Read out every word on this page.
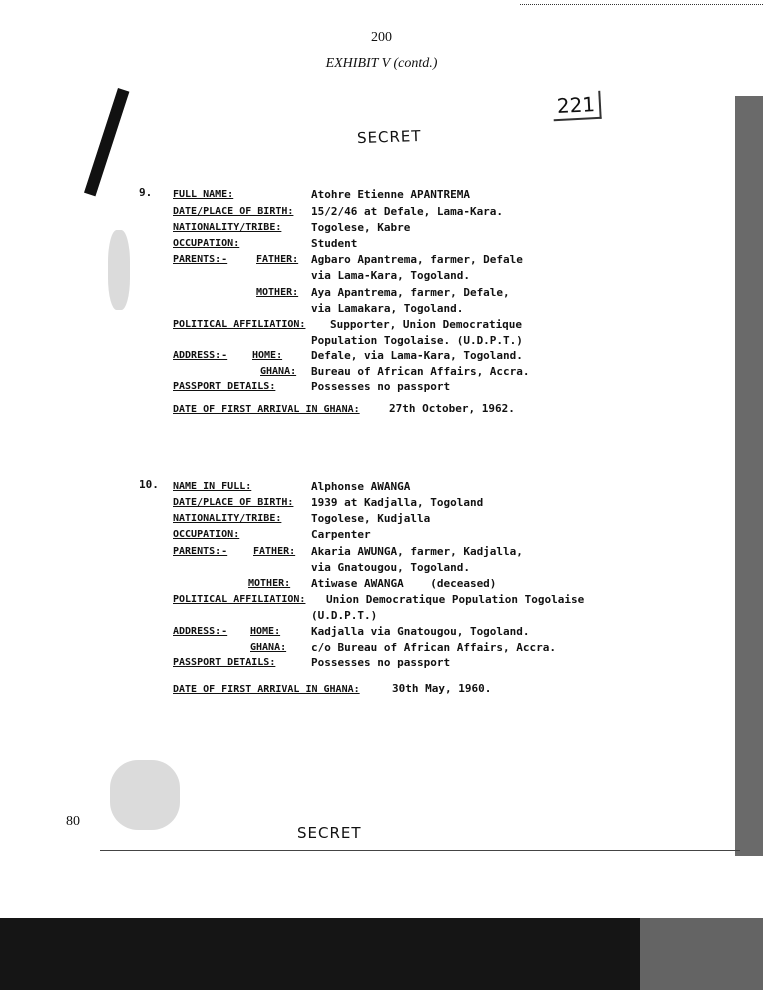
200
EXHIBIT V (contd.)
221
SECRET
9. FULL NAME:	Atohre Etienne APANTREMA
DATE/PLACE OF BIRTH: 15/2/46 at Defale, Lama-Kara.
NATIONALITY/TRIBE:	Togolese, Kabre
OCCUPATION:	Student
PARENTS:-	FATHER: Agbaro Apantrema, farmer, Defale
via Lama-Kara, Togoland.
MOTHER: Aya Apantrema, farmer, Defale,
via Lamakara, Togoland.
POLITICAL AFFILIATION: Supporter, Union Democratique
Population Togolaise. (U.D.P.T.)
ADDRESS:- HOME:	Defale, via Lama-Kara, Togoland.
GHANA: Bureau of African Affairs, Accra.
PASSPORT DETAILS:	Possesses no passport
DATE OF FIRST ARRIVAL IN GHANA:	27th October, 1962.
10. NAME IN FULL:	Alphonse AWANGA
DATE/PLACE OF BIRTH: 1939 at Kadjalla, Togoland
NATIONALITY/TRIBE:	Togolese, Kudjalla
OCCUPATION:	Carpenter
PARENTS:-	FATHER: Akaria AWUNGA, farmer, Kadjalla,
via Gnatougou, Togoland.
MOTHER: Atiwase AWANGA    (deceased)
POLITICAL AFFILIATION: Union Democratique Population Togolaise
(U.D.P.T.)
ADDRESS:- HOME:	Kadjalla via Gnatougou, Togoland.
GHANA: c/o Bureau of African Affairs, Accra.
PASSPORT DETAILS:	Possesses no passport
DATE OF FIRST ARRIVAL IN GHANA:	30th May, 1960.
80
SECRET
